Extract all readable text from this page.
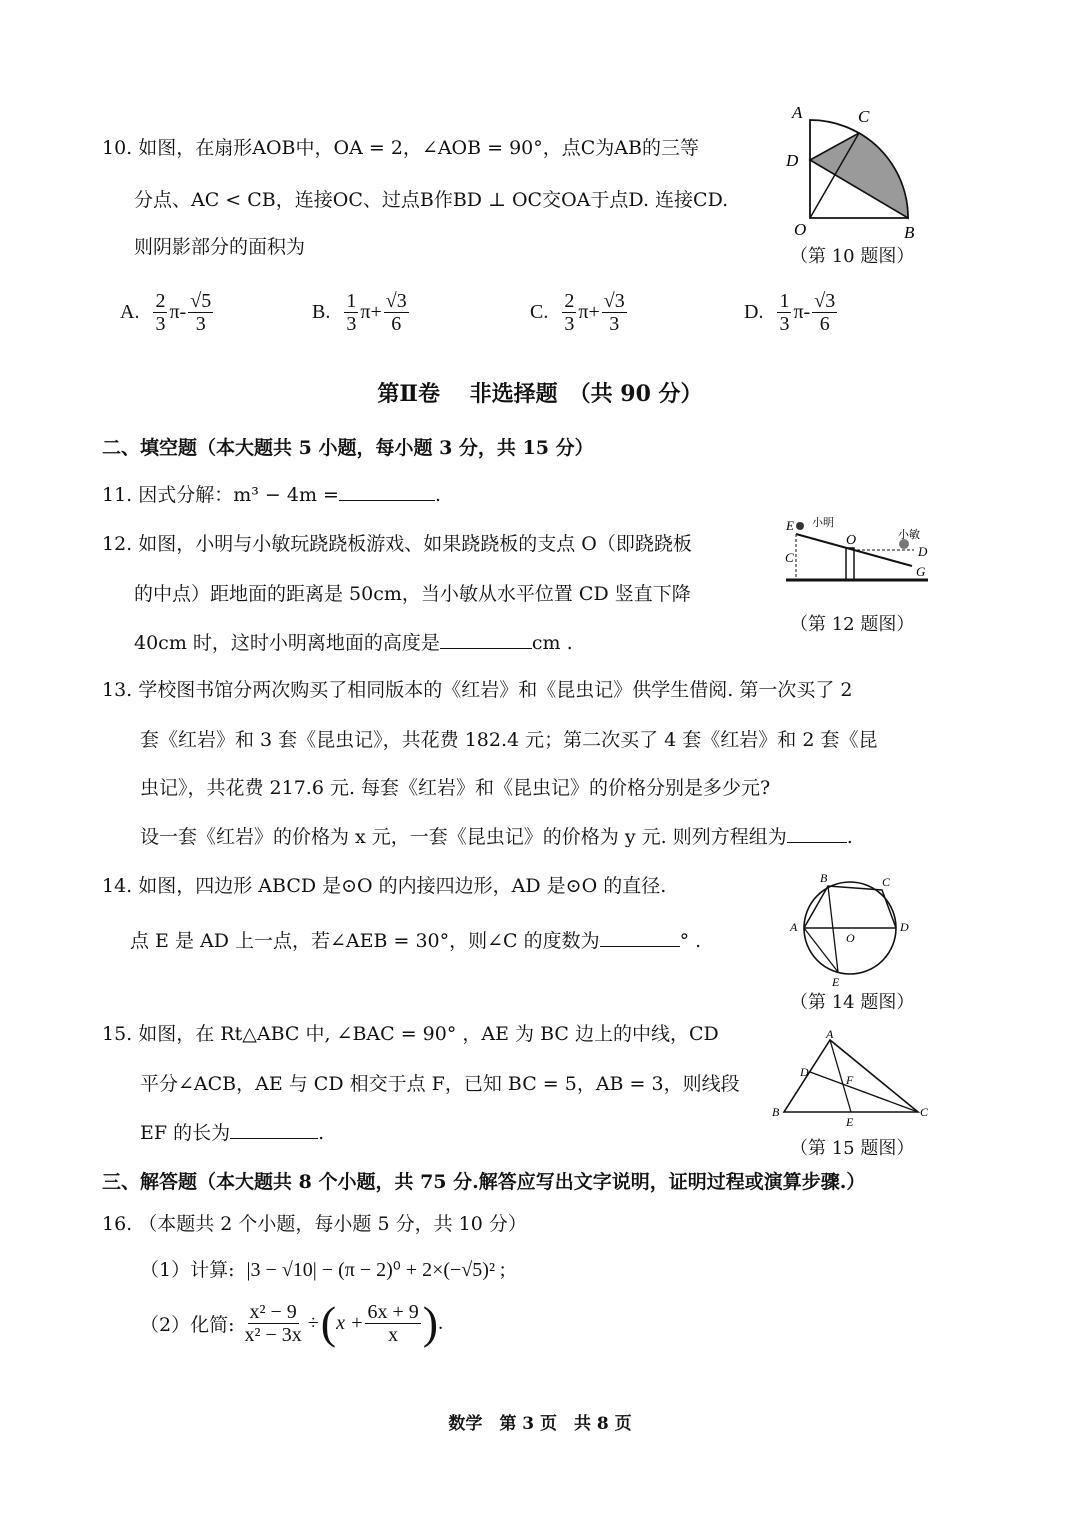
10. 如图，在扇形AOB中，OA = 2，∠AOB = 90°，点C为AB的三等
分点、AC < CB，连接OC、过点B作BD ⊥ OC交OA于点D. 连接CD.
则阴影部分的面积为
A	C
D
O	B
（第 10 题图）
A. $\frac{2}{3} \pi- \frac{√5}{3}$	B. $\frac{1}{3} \pi+ \frac{√3}{6}$	C. $\frac{2}{3} \pi+ \frac{√3}{3}$	D. $\frac{1}{3} \pi- \frac{√3}{6}$
第Ⅱ卷　 非选择题　（共 90 分）
二、填空题（本大题共 5 小题，每小题 3 分，共 15 分）
11. 因式分解：m³ − 4m =	.
12. 如图，小明与小敏玩跷跷板游戏、如果跷跷板的支点 O（即跷跷板
的中点）距地面的距离是 50cm，当小敏从水平位置 CD 竖直下降
40cm 时，这时小明离地面的高度是	cm .
E 小明
C
O	小敏
D
G
（第 12 题图）
13. 学校图书馆分两次购买了相同版本的《红岩》和《昆虫记》供学生借阅. 第一次买了 2
套《红岩》和 3 套《昆虫记》，共花费 182.4 元；第二次买了 4 套《红岩》和 2 套《昆
虫记》，共花费 217.6 元. 每套《红岩》和《昆虫记》的价格分别是多少元?
设一套《红岩》的价格为 x 元，一套《昆虫记》的价格为 y 元. 则列方程组为	.
14. 如图，四边形 ABCD 是⊙O 的内接四边形，AD 是⊙O 的直径.
点 E 是 AD 上一点，若∠AEB = 30°，则∠C 的度数为	° .
B	C
A
O
D
E
（第 14 题图）
15. 如图，在 Rt△ABC 中, ∠BAC = 90° ，AE 为 BC 边上的中线，CD
平分∠ACB，AE 与 CD 相交于点 F，已知 BC = 5，AB = 3，则线段
EF 的长为	.
A
D
F
B
E
C
（第 15 题图）
三、解答题（本大题共 8 个小题，共 75 分.解答应写出文字说明，证明过程或演算步骤.）
16. （本题共 2 个小题，每小题 5 分，共 10 分）
（1）计算: |3 − √10| − (π − 2)⁰ + 2×(−√5)² ;
（2）化简: $\frac{\text{x² − 9}}{\text{x² − 3x}}$ ÷ ( $x + \frac{6x + 9}{x}$ ) .
数学　第 3 页　共 8 页
